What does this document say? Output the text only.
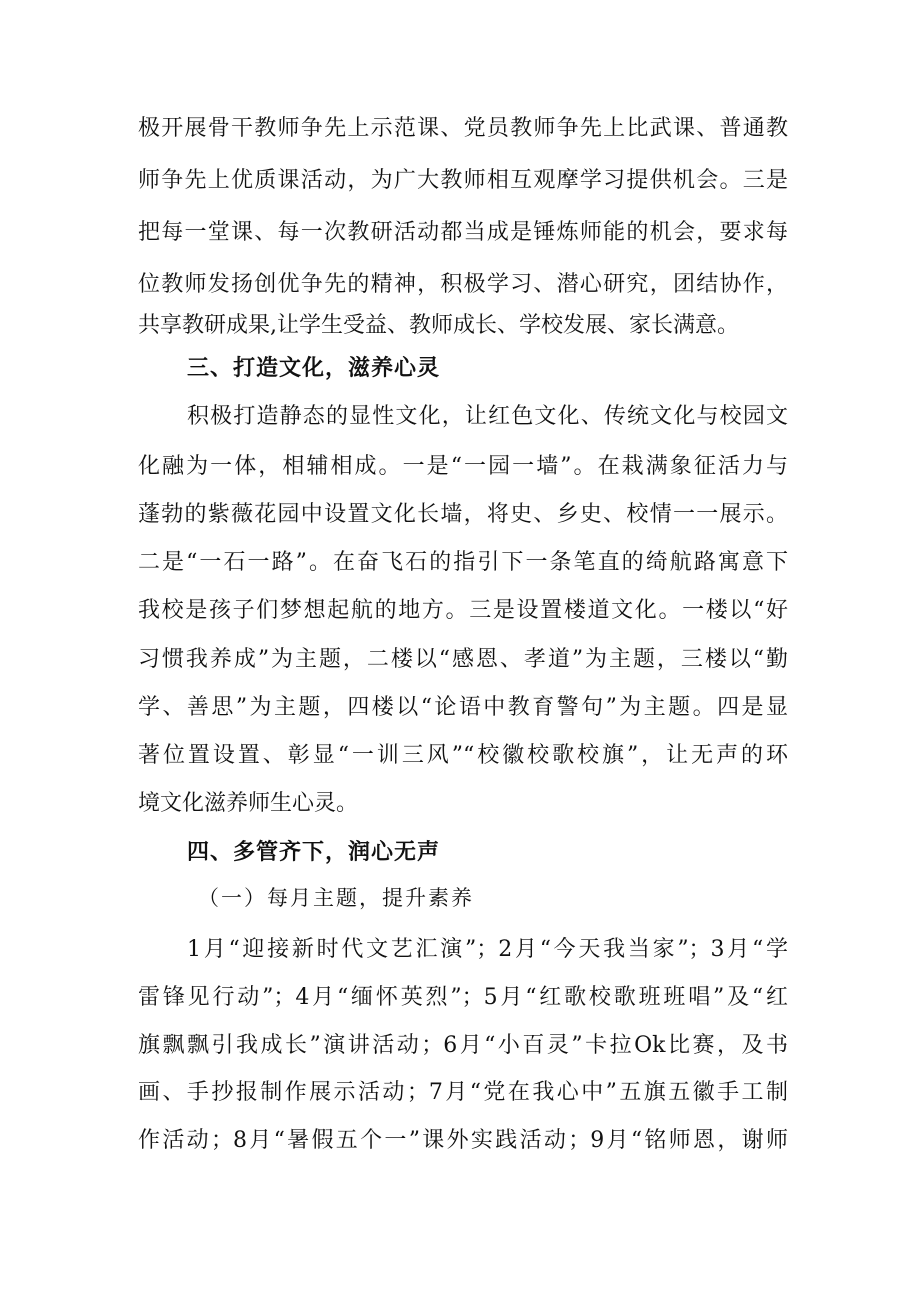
极开展骨干教师争先上示范课、党员教师争先上比武课、普通教
师争先上优质课活动，为广大教师相互观摩学习提供机会。三是
把每一堂课、每一次教研活动都当成是锤炼师能的机会，要求每
位教师发扬创优争先的精神，积极学习、潜心研究，团结协作，
共享教研成果,让学生受益、教师成长、学校发展、家长满意。
三、打造文化，滋养心灵
积极打造静态的显性文化，让红色文化、传统文化与校园文
化融为一体，相辅相成。一是“一园一墙”。在栽满象征活力与
蓬勃的紫薇花园中设置文化长墙，将史、乡史、校情一一展示。
二是“一石一路”。在奋飞石的指引下一条笔直的绮航路寓意下
我校是孩子们梦想起航的地方。三是设置楼道文化。一楼以“好
习惯我养成”为主题，二楼以“感恩、孝道”为主题，三楼以“勤
学、善思”为主题，四楼以“论语中教育警句”为主题。四是显
著位置设置、彰显“一训三风”“校徽校歌校旗”，让无声的环
境文化滋养师生心灵。
四、多管齐下，润心无声
（一）每月主题，提升素养
1月“迎接新时代文艺汇演”；2月“今天我当家”；3月“学
雷锋见行动”；4月“缅怀英烈”；5月“红歌校歌班班唱”及“红
旗飘飘引我成长”演讲活动；6月“小百灵”卡拉Ok比赛，及书
画、手抄报制作展示活动；7月“党在我心中”五旗五徽手工制
作活动；8月“暑假五个一”课外实践活动；9月“铭师恩，谢师
